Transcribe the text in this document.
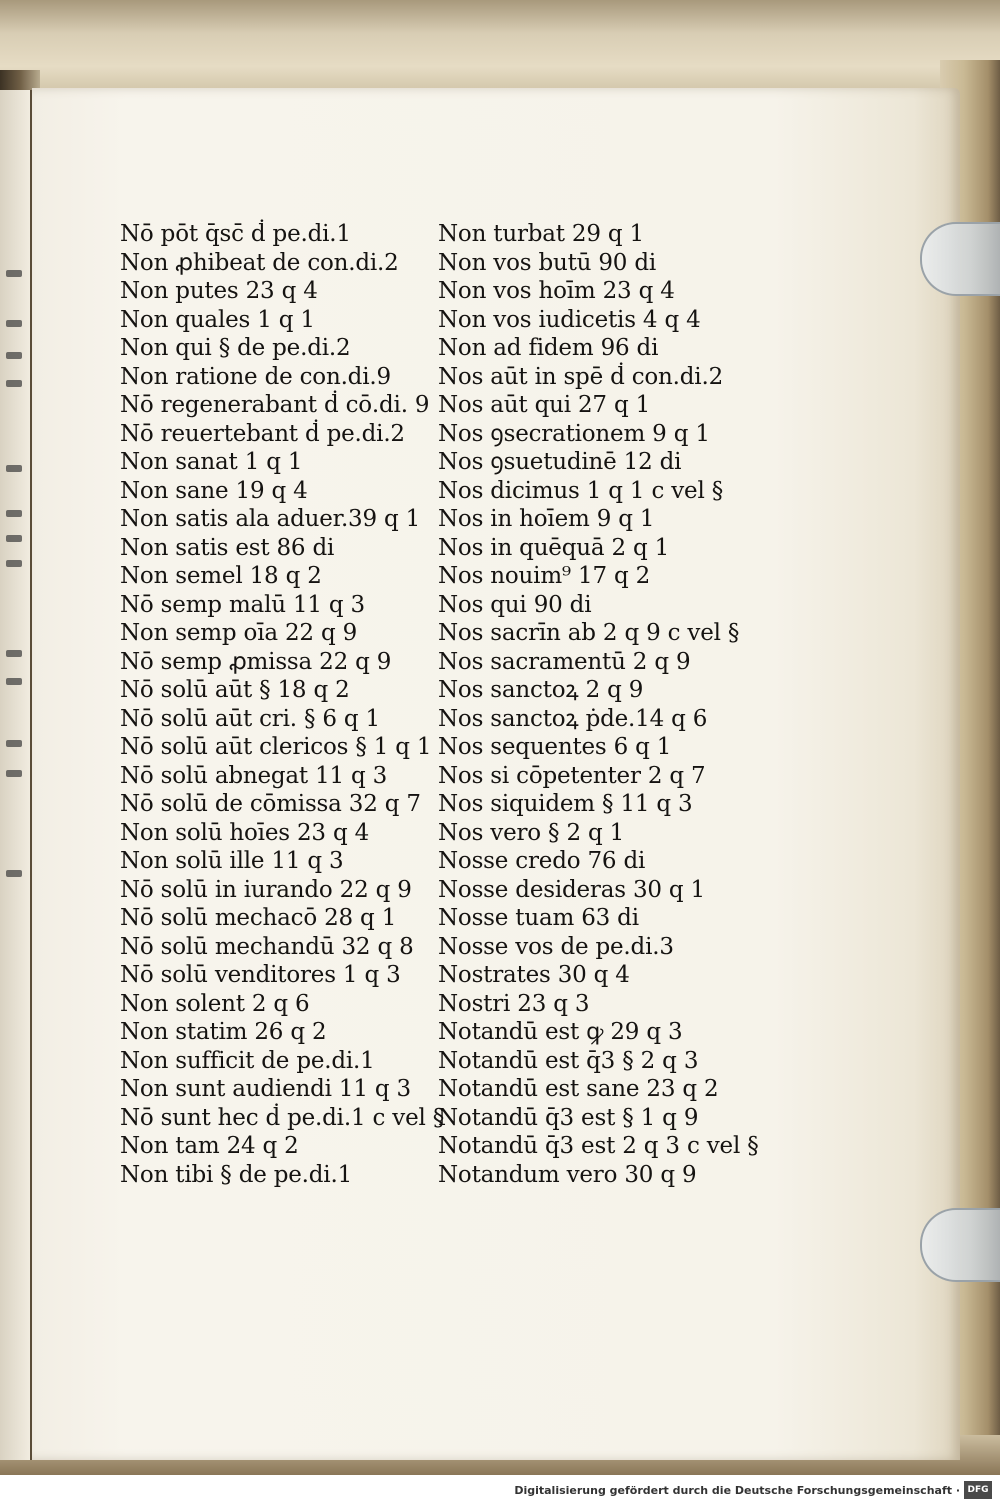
Nō pōt q̄sc̄ ḋ pe.di.1
Non ꝓhibeat de con.di.2
Non putes 23 q 4
Non quales 1 q 1
Non qui § de pe.di.2
Non ratione de con.di.9
Nō regenerabant ḋ cō.di. 9
Nō reuertebant ḋ pe.di.2
Non sanat 1 q 1
Non sane 19 q 4
Non satis ala aduer.39 q 1
Non satis est 86 di
Non semel 18 q 2
Nō semp malū 11 q 3
Non semp oīa 22 q 9
Nō semp ꝓmissa 22 q 9
Nō solū aūt § 18 q 2
Nō solū aūt cri. § 6 q 1
Nō solū aūt clericos § 1 q 1
Nō solū abnegat 11 q 3
Nō solū de cōmissa 32 q 7
Non solū hoīes 23 q 4
Non solū ille 11 q 3
Nō solū in iurando 22 q 9
Nō solū mechacō 28 q 1
Nō solū mechandū 32 q 8
Nō solū venditores 1 q 3
Non solent 2 q 6
Non statim 26 q 2
Non sufficit de pe.di.1
Non sunt audiendi 11 q 3
Nō sunt hec ḋ pe.di.1 c vel §
Non tam 24 q 2
Non tibi § de pe.di.1
Non turbat 29 q 1
Non vos butū 90 di
Non vos hoīm 23 q 4
Non vos iudicetis 4 q 4
Non ad fidem 96 di
Nos aūt in spē ḋ con.di.2
Nos aūt qui 27 q 1
Nos ꝯsecrationem 9 q 1
Nos ꝯsuetudinē 12 di
Nos dicimus 1 q 1 c vel §
Nos in hoīem 9 q 1
Nos in quēquā 2 q 1
Nos nouim⁹ 17 q 2
Nos qui 90 di
Nos sacrīn ab 2 q 9 c vel §
Nos sacramentū 2 q 9
Nos sanctoꝝ 2 q 9
Nos sanctoꝝ ṗde.14 q 6
Nos sequentes 6 q 1
Nos si cōpetenter 2 q 7
Nos siquidem § 11 q 3
Nos vero § 2 q 1
Nosse credo 76 di
Nosse desideras 30 q 1
Nosse tuam 63 di
Nosse vos de pe.di.3
Nostrates 30 q 4
Nostri 23 q 3
Notandū est ꝙ 29 q 3
Notandū est q̄3 § 2 q 3
Notandū est sane 23 q 2
Notandū q̄3 est § 1 q 9
Notandū q̄3 est 2 q 3 c vel §
Notandum vero 30 q 9
Digitalisierung gefördert durch die Deutsche Forschungsgemeinschaft · DFG
